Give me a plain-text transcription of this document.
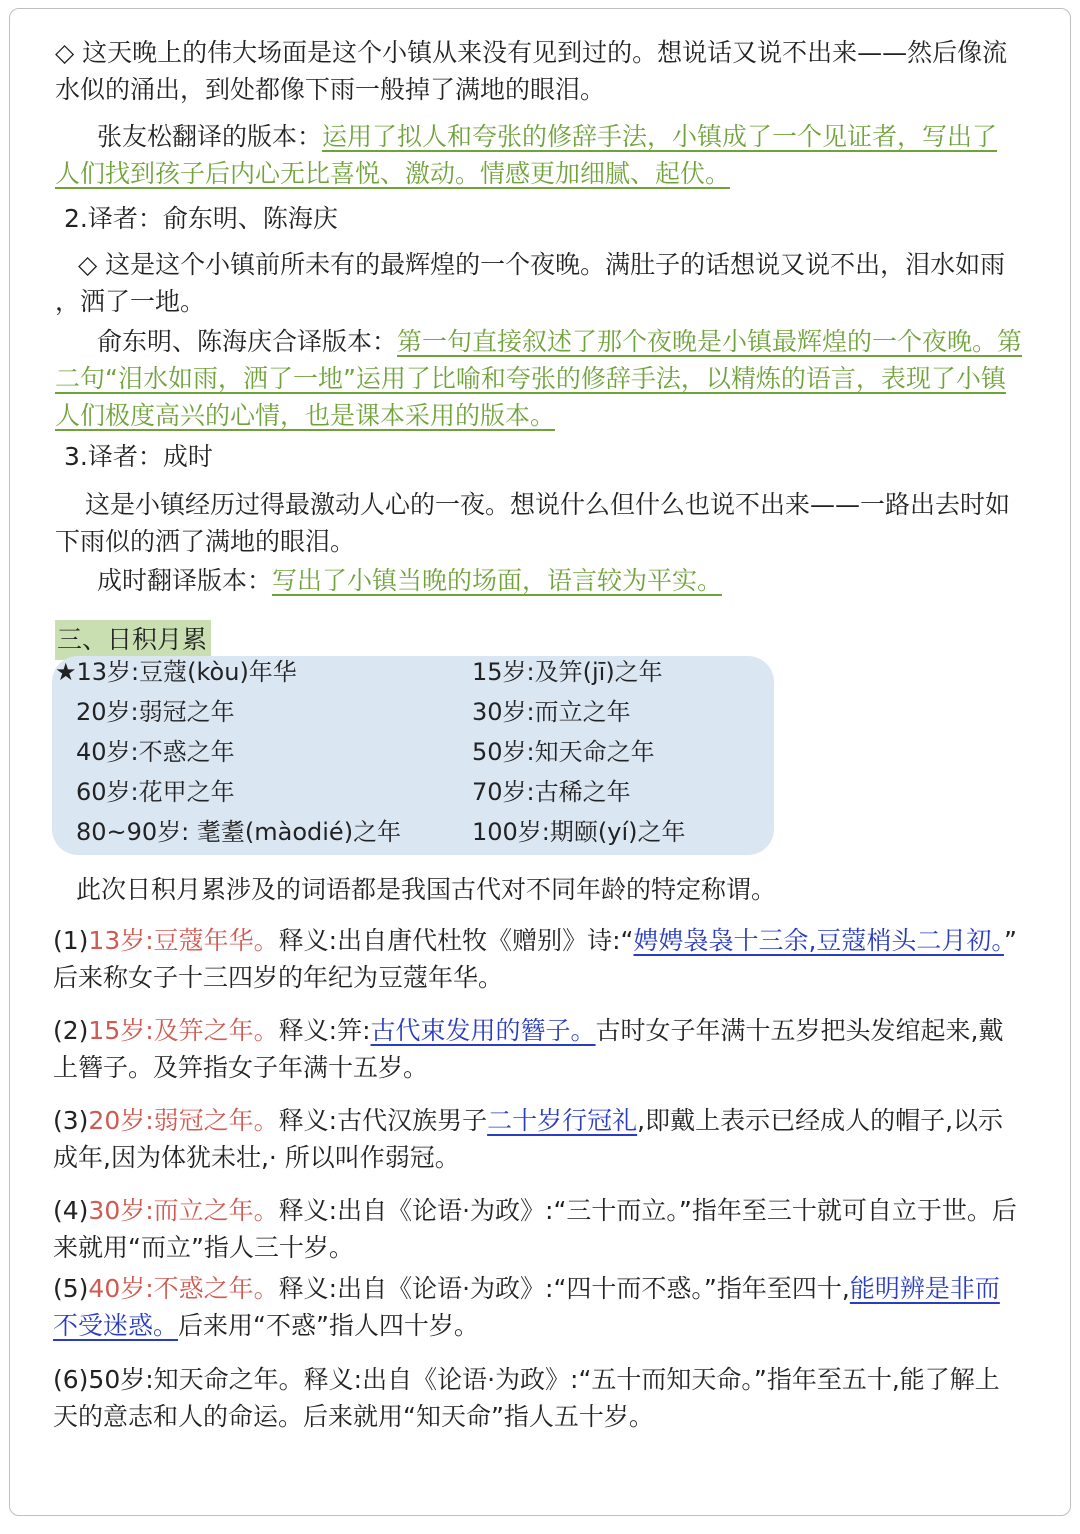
◇ 这天晚上的伟大场面是这个小镇从来没有见到过的。想说话又说不出来——然后像流
水似的涌出，到处都像下雨一般掉了满地的眼泪。
张友松翻译的版本：运用了拟人和夸张的修辞手法，小镇成了一个见证者，写出了
人们找到孩子后内心无比喜悦、激动。情感更加细腻、起伏。
2.译者：俞东明、陈海庆
◇ 这是这个小镇前所未有的最辉煌的一个夜晚。满肚子的话想说又说不出，泪水如雨
，洒了一地。
俞东明、陈海庆合译版本：第一句直接叙述了那个夜晚是小镇最辉煌的一个夜晚。第
二句“泪水如雨，洒了一地”运用了比喻和夸张的修辞手法，以精炼的语言，表现了小镇
人们极度高兴的心情，也是课本采用的版本。
3.译者：成时
这是小镇经历过得最激动人心的一夜。想说什么但什么也说不出来——一路出去时如
下雨似的洒了满地的眼泪。
成时翻译版本：写出了小镇当晚的场面，语言较为平实。
三、日积月累
★13岁:豆蔻(kòu)年华	15岁:及笄(jī)之年
20岁:弱冠之年	30岁:而立之年
40岁:不惑之年	50岁:知天命之年
60岁:花甲之年	70岁:古稀之年
80~90岁: 耄耋(màodié)之年	100岁:期颐(yí)之年
此次日积月累涉及的词语都是我国古代对不同年龄的特定称谓。
(1)13岁:豆蔻年华。释义:出自唐代杜牧《赠别》诗:“娉娉袅袅十三余,豆蔻梢头二月初。”
后来称女子十三四岁的年纪为豆蔻年华。
(2)15岁:及笄之年。释义:笄:古代束发用的簪子。古时女子年满十五岁把头发绾起来,戴
上簪子。及笄指女子年满十五岁。
(3)20岁:弱冠之年。释义:古代汉族男子二十岁行冠礼,即戴上表示已经成人的帽子,以示
成年,因为体犹未壮,· 所以叫作弱冠。
(4)30岁:而立之年。释义:出自《论语·为政》:“三十而立。”指年至三十就可自立于世。后
来就用“而立”指人三十岁。
(5)40岁:不惑之年。释义:出自《论语·为政》:“四十而不惑。”指年至四十,能明辨是非而
不受迷惑。后来用“不惑”指人四十岁。
(6)50岁:知天命之年。释义:出自《论语·为政》:“五十而知天命。”指年至五十,能了解上
天的意志和人的命运。后来就用“知天命”指人五十岁。
